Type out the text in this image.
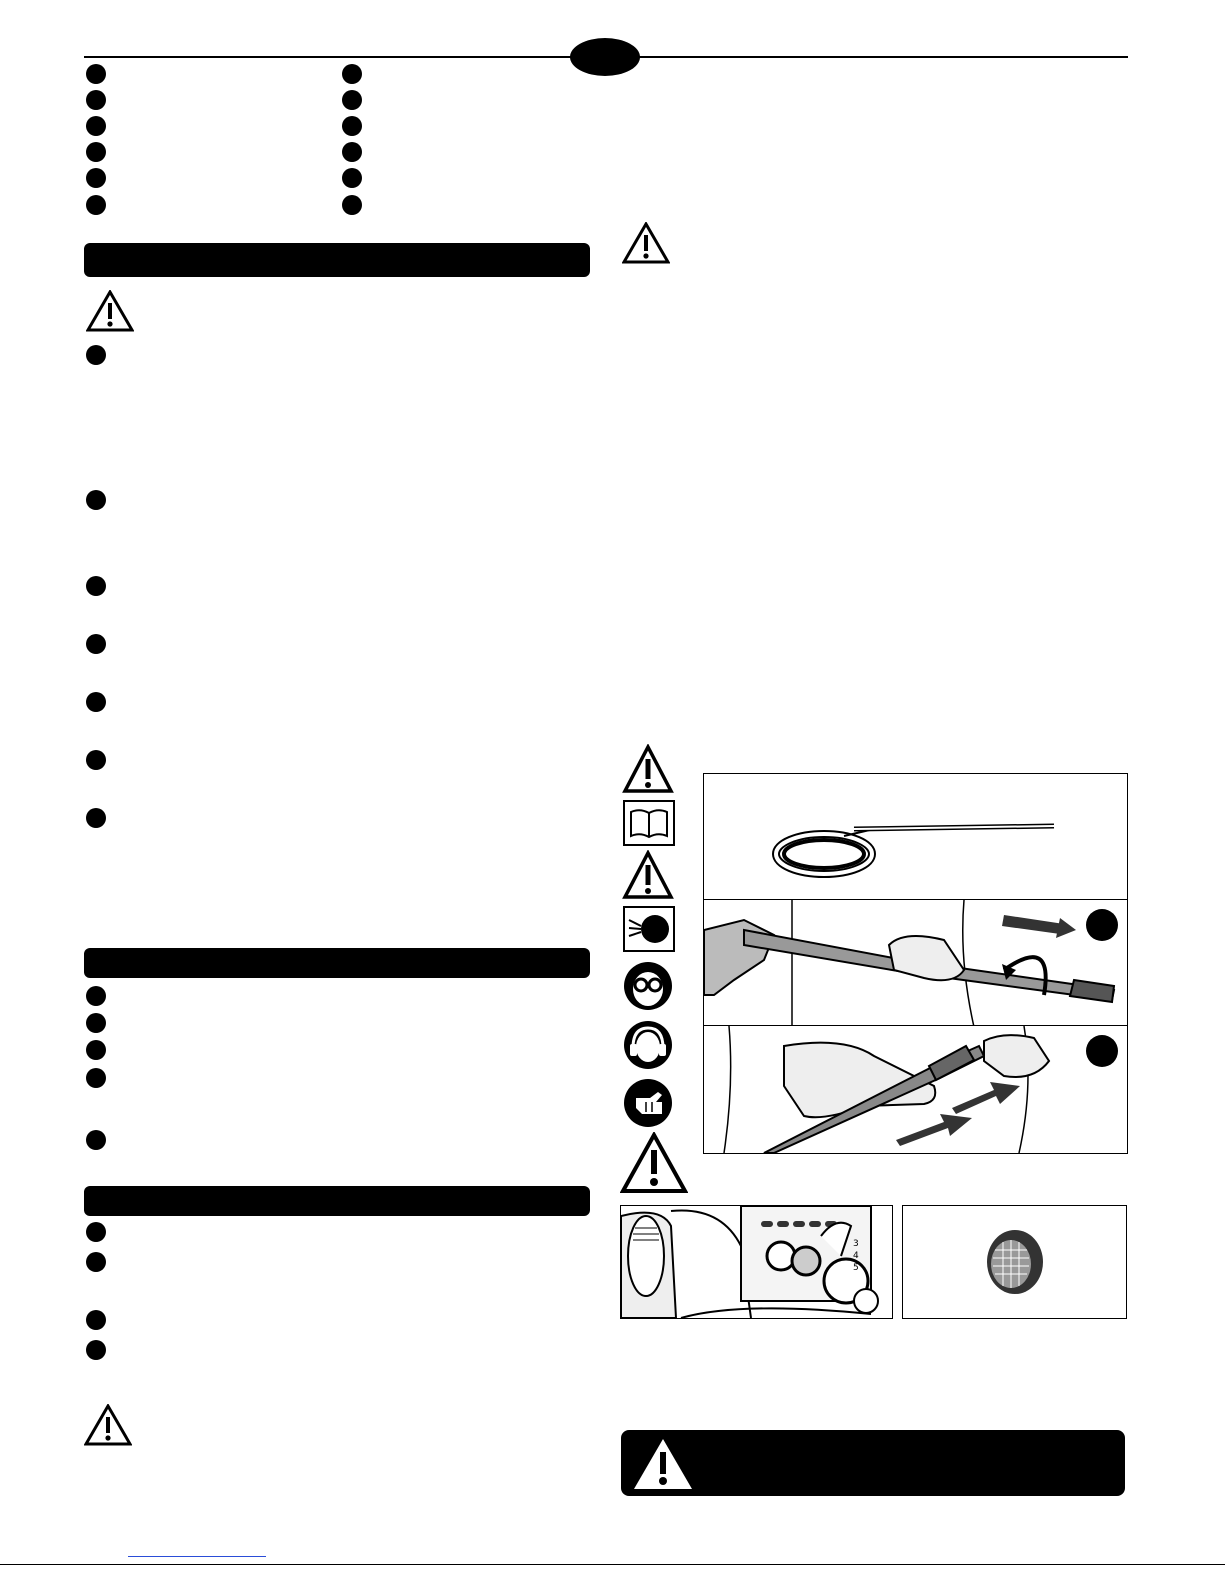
3
4
5
